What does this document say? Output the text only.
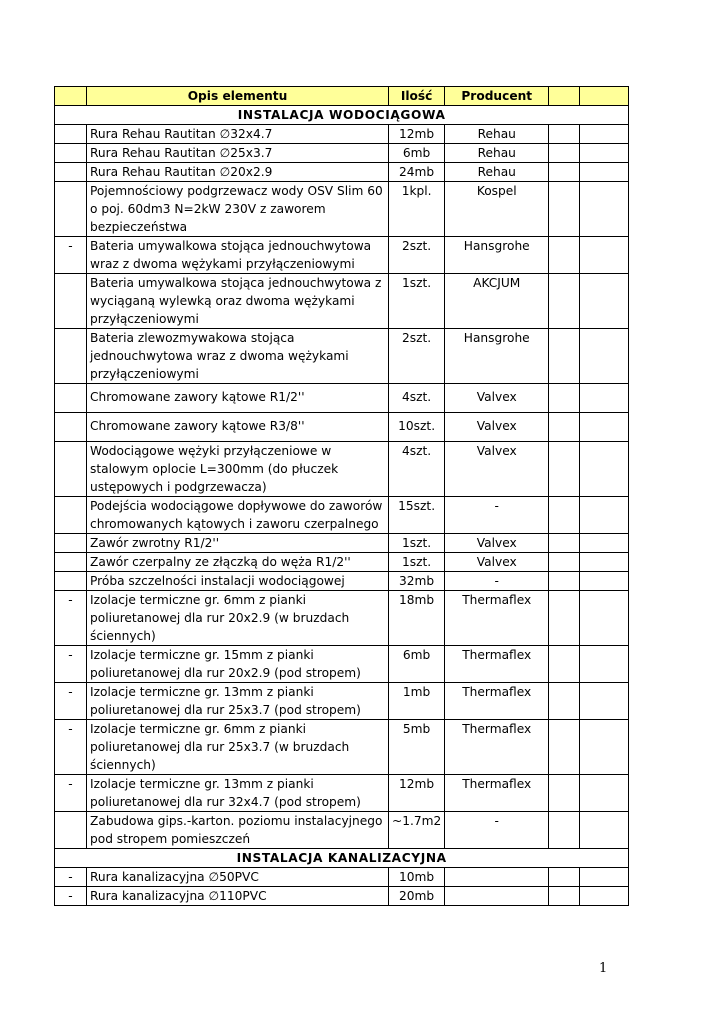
	Opis elementu	Ilość	Producent		
INSTALACJA WODOCIĄGOWA					
	Rura Rehau Rautitan ∅32x4.7	12mb	Rehau		
	Rura Rehau Rautitan ∅25x3.7	6mb	Rehau		
	Rura Rehau Rautitan ∅20x2.9	24mb	Rehau		
	Pojemnościowy podgrzewacz wody OSV Slim 60 o poj. 60dm3 N=2kW 230V z zaworem bezpieczeństwa	1kpl.	Kospel		
-	Bateria umywalkowa stojąca jednouchwytowa wraz z dwoma wężykami przyłączeniowymi	2szt.	Hansgrohe		
	Bateria umywalkowa stojąca jednouchwytowa z wyciąganą wylewką oraz dwoma wężykami przyłączeniowymi	1szt.	AKCJUM		
	Bateria zlewozmywakowa stojąca jednouchwytowa wraz z dwoma wężykami przyłączeniowymi	2szt.	Hansgrohe		
	Chromowane zawory kątowe R1/2''	4szt.	Valvex		
	Chromowane zawory kątowe R3/8''	10szt.	Valvex		
	Wodociągowe wężyki przyłączeniowe w stalowym oplocie L=300mm (do płuczek ustępowych i podgrzewacza)	4szt.	Valvex		
	Podejścia wodociągowe dopływowe do zaworów chromowanych kątowych i zaworu czerpalnego	15szt.	-		
	Zawór zwrotny R1/2''	1szt.	Valvex		
	Zawór czerpalny ze złączką do węża R1/2''	1szt.	Valvex		
	Próba szczelności instalacji wodociągowej	32mb	-		
-	Izolacje termiczne gr. 6mm z pianki poliuretanowej dla rur 20x2.9 (w bruzdach ściennych)	18mb	Thermaflex		
-	Izolacje termiczne gr. 15mm z pianki poliuretanowej dla rur 20x2.9 (pod stropem)	6mb	Thermaflex		
-	Izolacje termiczne gr. 13mm z pianki poliuretanowej dla rur 25x3.7 (pod stropem)	1mb	Thermaflex		
-	Izolacje termiczne gr. 6mm z pianki poliuretanowej dla rur 25x3.7 (w bruzdach ściennych)	5mb	Thermaflex		
-	Izolacje termiczne gr. 13mm z pianki poliuretanowej dla rur 32x4.7 (pod stropem)	12mb	Thermaflex		
	Zabudowa gips.-karton. poziomu instalacyjnego pod stropem pomieszczeń	~1.7m2	-		
INSTALACJA KANALIZACYJNA					
-	Rura kanalizacyjna ∅50PVC	10mb			
-	Rura kanalizacyjna ∅110PVC	20mb			
1
